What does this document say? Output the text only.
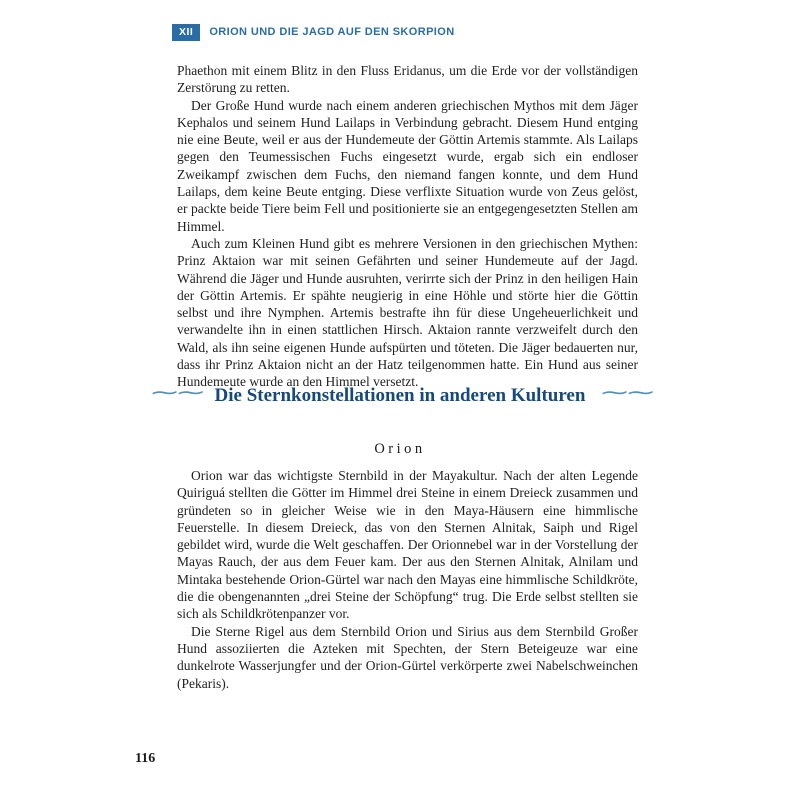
XII	ORION UND DIE JAGD AUF DEN SKORPION

Phaethon mit einem Blitz in den Fluss Eridanus, um die Erde vor der vollständigen Zerstörung zu retten.

Der Große Hund wurde nach einem anderen griechischen Mythos mit dem Jäger Kephalos und seinem Hund Lailaps in Verbindung gebracht. Diesem Hund entging nie eine Beute, weil er aus der Hundemeute der Göttin Artemis stammte. Als Lailaps gegen den Teumessischen Fuchs eingesetzt wurde, ergab sich ein endloser Zweikampf zwischen dem Fuchs, den niemand fangen konnte, und dem Hund Lailaps, dem keine Beute entging. Diese verflixte Situation wurde von Zeus gelöst, er packte beide Tiere beim Fell und positionierte sie an entgegengesetzten Stellen am Himmel.

Auch zum Kleinen Hund gibt es mehrere Versionen in den griechischen Mythen: Prinz Aktaion war mit seinen Gefährten und seiner Hundemeute auf der Jagd. Während die Jäger und Hunde ausruhten, verirrte sich der Prinz in den heiligen Hain der Göttin Artemis. Er spähte neugierig in eine Höhle und störte hier die Göttin selbst und ihre Nymphen. Artemis bestrafte ihn für diese Ungeheuerlichkeit und verwandelte ihn in einen stattlichen Hirsch. Aktaion rannte verzweifelt durch den Wald, als ihn seine eigenen Hunde aufspürten und töteten. Die Jäger bedauerten nur, dass ihr Prinz Aktaion nicht an der Hatz teilgenommen hatte. Ein Hund aus seiner Hundemeute wurde an den Himmel versetzt.

∼∼ Die Sternkonstellationen in anderen Kulturen ∼∼
Orion

Orion war das wichtigste Sternbild in der Mayakultur. Nach der alten Legende Quiriguá stellten die Götter im Himmel drei Steine in einem Dreieck zusammen und gründeten so in gleicher Weise wie in den Maya-Häusern eine himmlische Feuerstelle. In diesem Dreieck, das von den Sternen Alnitak, Saiph und Rigel gebildet wird, wurde die Welt geschaffen. Der Orionnebel war in der Vorstellung der Mayas Rauch, der aus dem Feuer kam. Der aus den Sternen Alnitak, Alnilam und Mintaka bestehende Orion-Gürtel war nach den Mayas eine himmlische Schildkröte, die die obengenannten „drei Steine der Schöpfung“ trug. Die Erde selbst stellten sie sich als Schildkrötenpanzer vor.

Die Sterne Rigel aus dem Sternbild Orion und Sirius aus dem Sternbild Großer Hund assoziierten die Azteken mit Spechten, der Stern Beteigeuze war eine dunkelrote Wasserjungfer und der Orion-Gürtel verkörperte zwei Nabelschweinchen (Pekaris).

116
